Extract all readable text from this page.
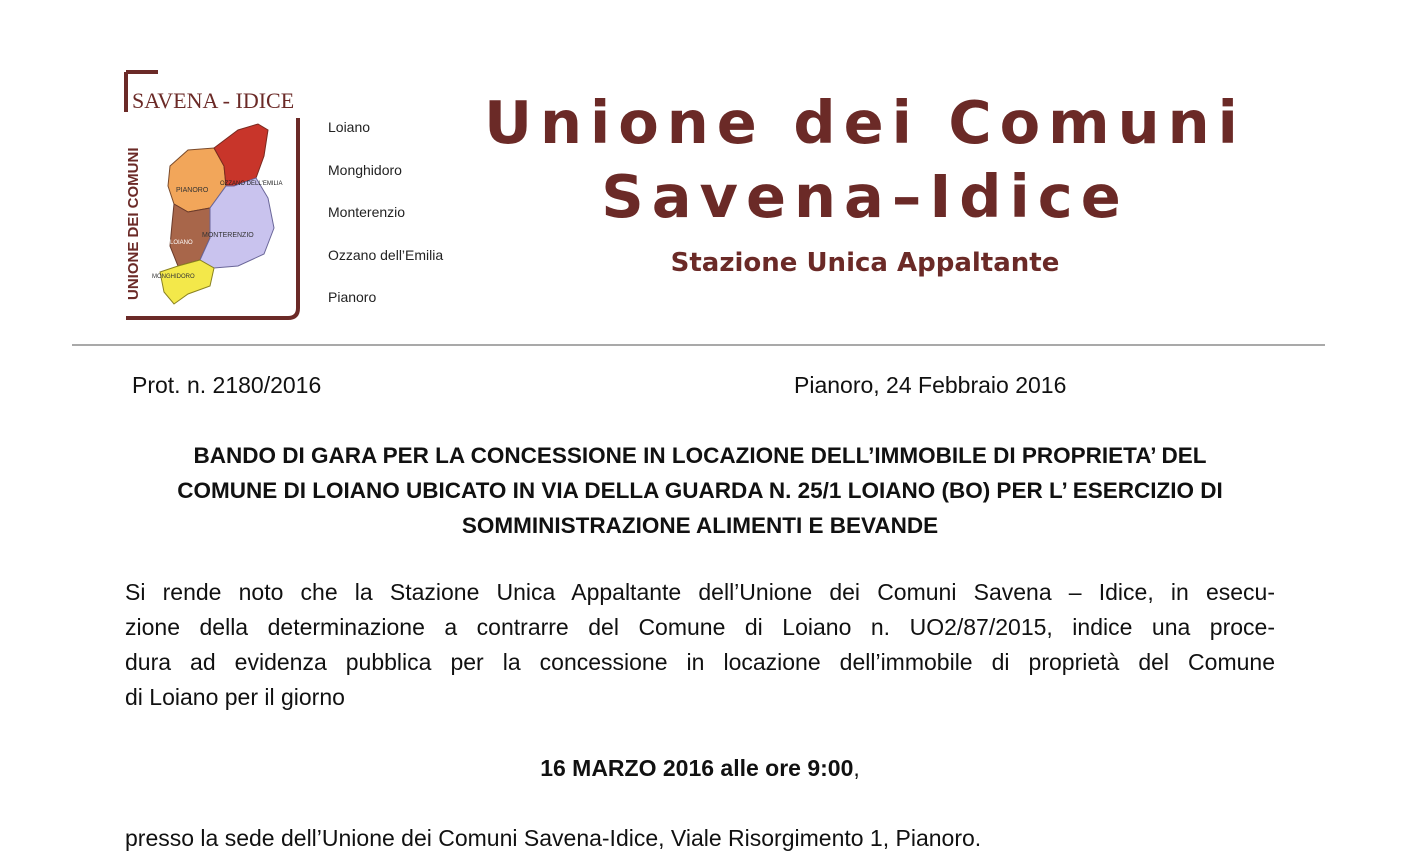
SAVENA - IDICE
UNIONE DEI COMUNI	PIANORO
OZZANO DELL'EMILIA
LOIANO
MONTERENZIO
MONGHIDORO
Loiano
Monghidoro
Monterenzio
Ozzano dell’Emilia
Pianoro
Unione dei Comuni
Savena–Idice
Stazione Unica Appaltante
Prot. n. 2180/2016	Pianoro, 24 Febbraio 2016
BANDO DI GARA PER LA CONCESSIONE IN LOCAZIONE DELL’IMMOBILE DI PROPRIETA’ DEL
COMUNE DI LOIANO UBICATO IN VIA DELLA GUARDA N. 25/1 LOIANO (BO) PER L’ ESERCIZIO DI
SOMMINISTRAZIONE ALIMENTI E BEVANDE
Si rende noto che la Stazione Unica Appaltante dell’Unione dei Comuni Savena – Idice, in esecu-
zione della determinazione a contrarre del Comune di Loiano n. UO2/87/2015, indice una proce-
dura ad evidenza pubblica per la concessione in locazione dell’immobile di proprietà del Comune
di Loiano per il giorno
16 MARZO 2016 alle ore 9:00,
presso la sede dell’Unione dei Comuni Savena-Idice, Viale Risorgimento 1, Pianoro.
